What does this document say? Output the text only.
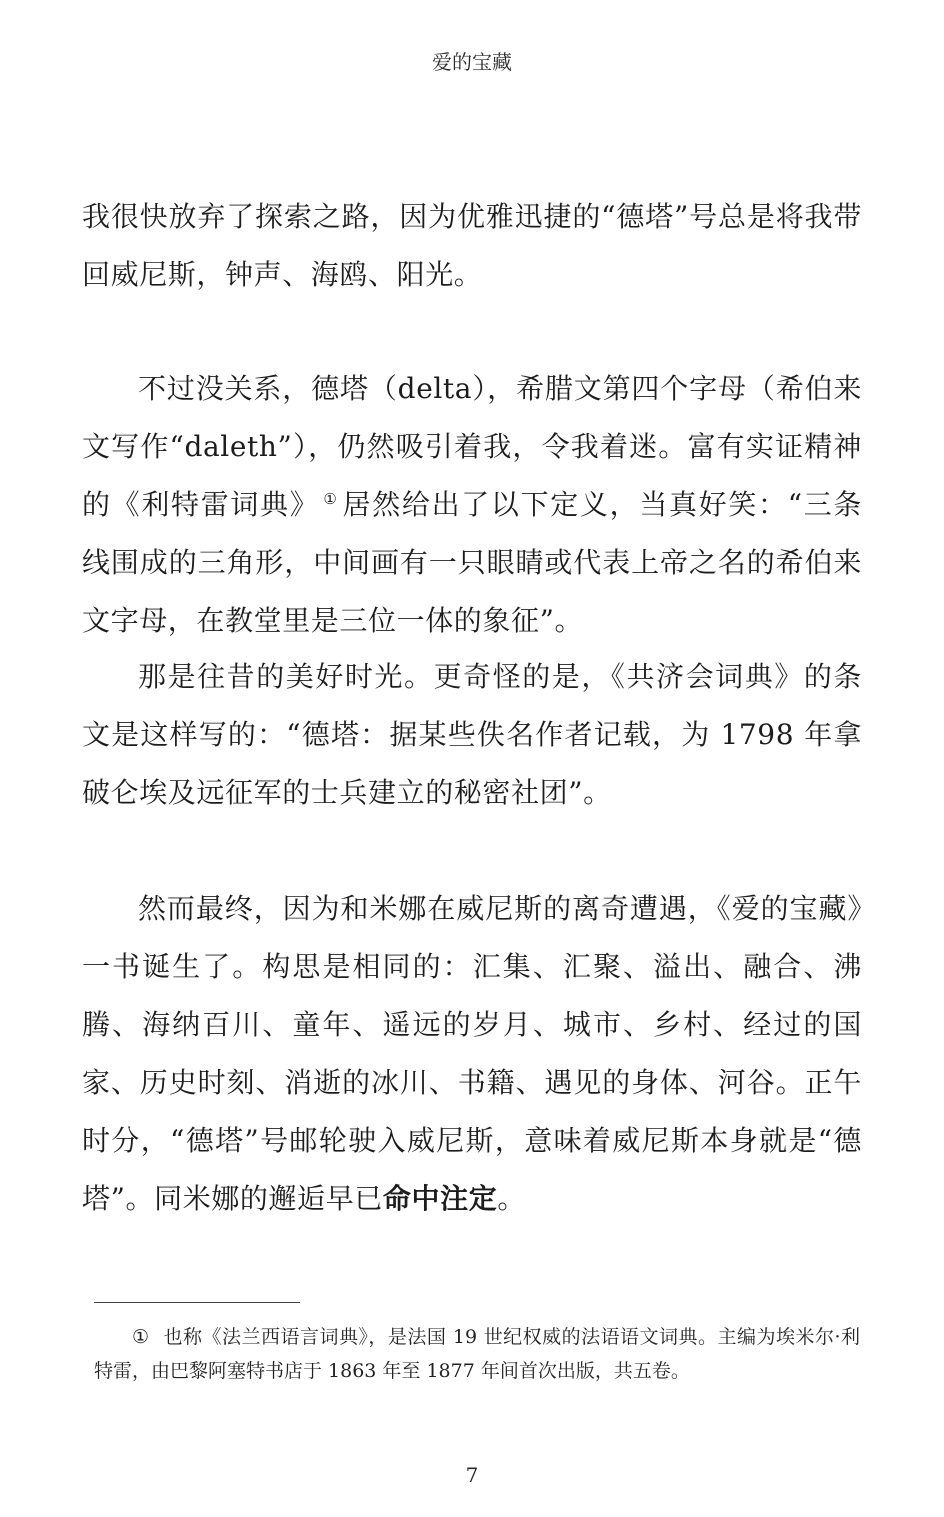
爱的宝藏

我很快放弃了探索之路，因为优雅迅捷的“德塔”号总是将我带回威尼斯，钟声、海鸥、阳光。

不过没关系，德塔（delta），希腊文第四个字母（希伯来文写作“daleth”），仍然吸引着我，令我着迷。富有实证精神的《利特雷词典》 ① 居然给出了以下定义，当真好笑：“三条线围成的三角形，中间画有一只眼睛或代表上帝之名的希伯来文字母，在教堂里是三位一体的象征”。

那是往昔的美好时光。更奇怪的是，《共济会词典》的条文是这样写的：“德塔：据某些佚名作者记载，为 1798 年拿破仑埃及远征军的士兵建立的秘密社团”。

然而最终，因为和米娜在威尼斯的离奇遭遇，《爱的宝藏》一书诞生了。构思是相同的：汇集、汇聚、溢出、融合、沸腾、海纳百川、童年、遥远的岁月、城市、乡村、经过的国家、历史时刻、消逝的冰川、书籍、遇见的身体、河谷。正午时分，“德塔”号邮轮驶入威尼斯，意味着威尼斯本身就是“德塔”。同米娜的邂逅早已命中注定。

① 也称《法兰西语言词典》，是法国 19 世纪权威的法语语文词典。主编为埃米尔·利特雷，由巴黎阿塞特书店于 1863 年至 1877 年间首次出版，共五卷。

7
